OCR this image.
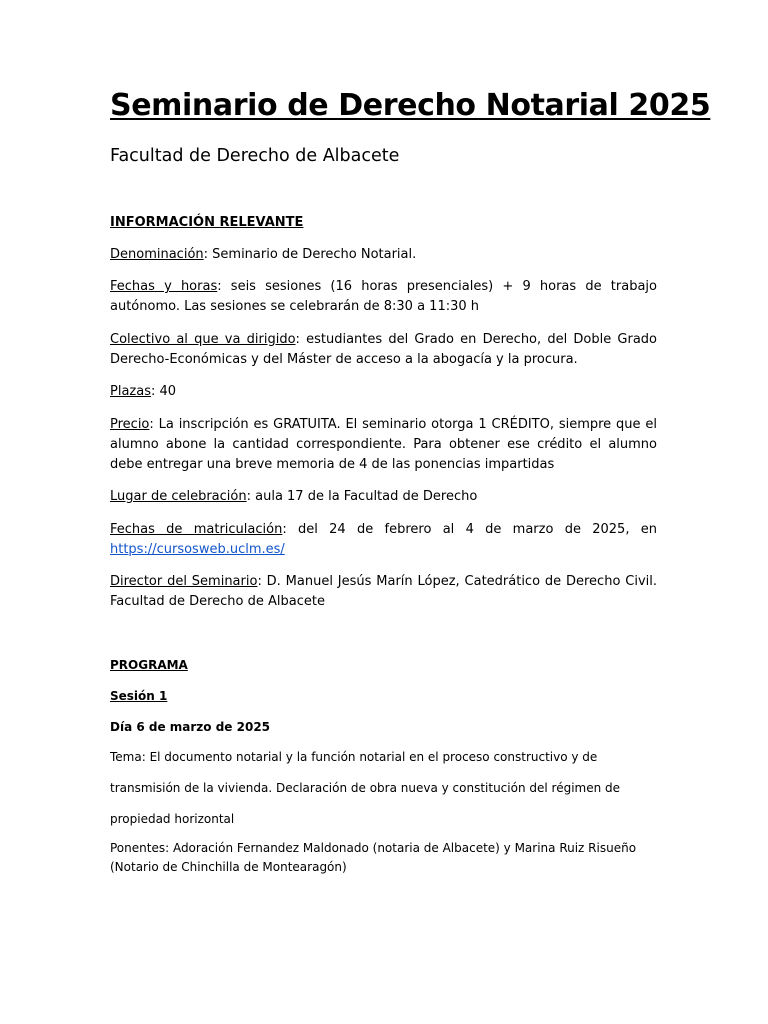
Seminario de Derecho Notarial 2025
Facultad de Derecho de Albacete
INFORMACIÓN RELEVANTE

Denominación: Seminario de Derecho Notarial.

Fechas y horas: seis sesiones (16 horas presenciales) + 9 horas de trabajo autónomo. Las sesiones se celebrarán de 8:30 a 11:30 h

Colectivo al que va dirigido: estudiantes del Grado en Derecho, del Doble Grado Derecho-Económicas y del Máster de acceso a la abogacía y la procura.

Plazas: 40

Precio: La inscripción es GRATUITA. El seminario otorga 1 CRÉDITO, siempre que el alumno abone la cantidad correspondiente. Para obtener ese crédito el alumno debe entregar una breve memoria de 4 de las ponencias impartidas

Lugar de celebración: aula 17 de la Facultad de Derecho

Fechas de matriculación: del 24 de febrero al 4 de marzo de 2025, en https://cursosweb.uclm.es/

Director del Seminario: D. Manuel Jesús Marín López, Catedrático de Derecho Civil. Facultad de Derecho de Albacete

PROGRAMA
Sesión 1
Día 6 de marzo de 2025
Tema: El documento notarial y la función notarial en el proceso constructivo y de
transmisión de la vivienda. Declaración de obra nueva y constitución del régimen de
propiedad horizontal
Ponentes: Adoración Fernandez Maldonado (notaria de Albacete) y Marina Ruiz Risueño (Notario de Chinchilla de Montearagón)
